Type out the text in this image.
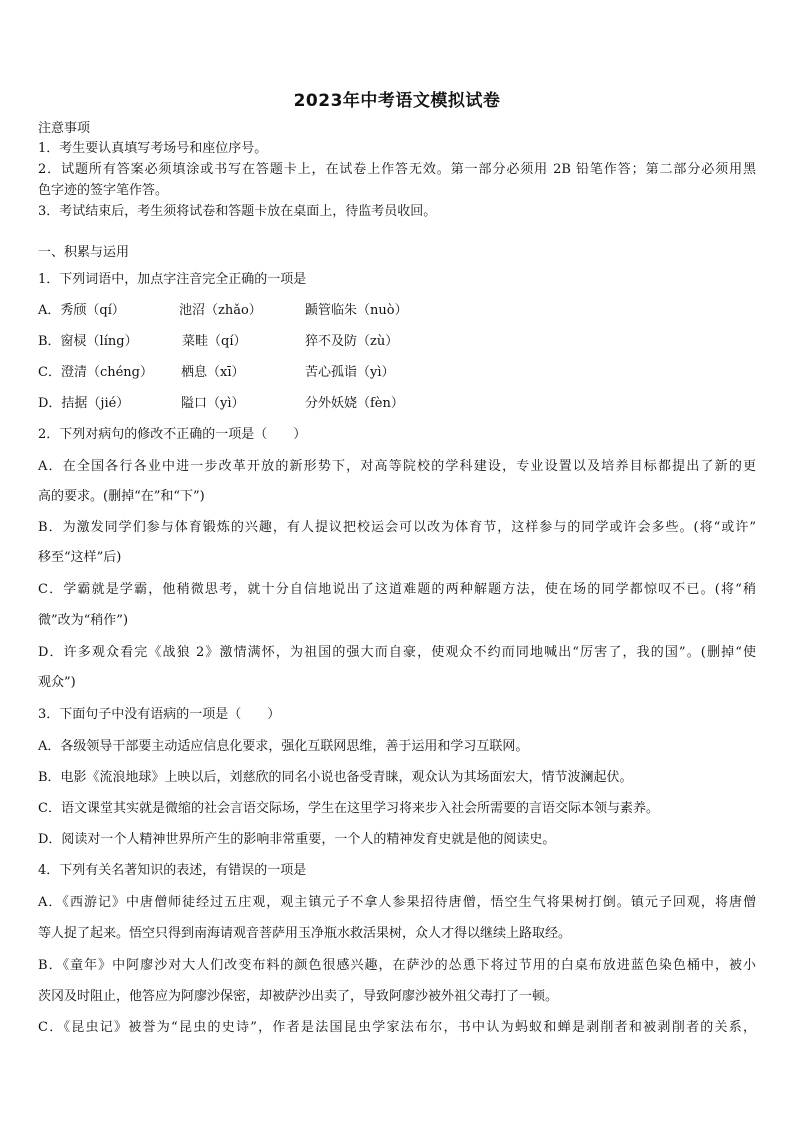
2023年中考语文模拟试卷
注意事项
1．考生要认真填写考场号和座位序号。
2．试题所有答案必须填涂或书写在答题卡上，在试卷上作答无效。第一部分必须用 2B 铅笔作答；第二部分必须用黑
色字迹的签字笔作答。
3．考试结束后，考生须将试卷和答题卡放在桌面上，待监考员收回。
一、积累与运用
1．下列词语中，加点字注音完全正确的一项是
A．秀颀（qí）	池沼（zhǎo）	踬管临朱（nuò）
B．窗棂（líng）	菜畦（qí）	猝不及防（zù）
C．澄清（chéng） 栖息（xī）	苦心孤诣（yì）
D．拮据（jié）	隘口（yì）	分外妖娆（fèn）
2．下列对病句的修改不正确的一项是（　　）
A．在全国各行各业中进一步改革开放的新形势下，对高等院校的学科建设，专业设置以及培养目标都提出了新的更
高的要求。(删掉“在”和“下”)
B．为激发同学们参与体育锻炼的兴趣，有人提议把校运会可以改为体育节，这样参与的同学或许会多些。(将“或许”
移至“这样”后)
C．学霸就是学霸，他稍微思考，就十分自信地说出了这道难题的两种解题方法，使在场的同学都惊叹不已。(将“稍
微”改为“稍作”)
D．许多观众看完《战狼 2》激情满怀，为祖国的强大而自豪，使观众不约而同地喊出“厉害了，我的国”。(删掉“使
观众”)
3．下面句子中没有语病的一项是（　　）
A．各级领导干部要主动适应信息化要求，强化互联网思维，善于运用和学习互联网。
B．电影《流浪地球》上映以后，刘慈欣的同名小说也备受青睐，观众认为其场面宏大，情节波澜起伏。
C．语文课堂其实就是微缩的社会言语交际场，学生在这里学习将来步入社会所需要的言语交际本领与素养。
D．阅读对一个人精神世界所产生的影响非常重要，一个人的精神发育史就是他的阅读史。
4．下列有关名著知识的表述，有错误的一项是
A．《西游记》中唐僧师徒经过五庄观，观主镇元子不拿人参果招待唐僧，悟空生气将果树打倒。镇元子回观，将唐僧
等人捉了起来。悟空只得到南海请观音菩萨用玉净瓶水救活果树，众人才得以继续上路取经。
B．《童年》中阿廖沙对大人们改变布料的颜色很感兴趣，在萨沙的怂恿下将过节用的白桌布放进蓝色染色桶中，被小
茨冈及时阻止，他答应为阿廖沙保密，却被萨沙出卖了，导致阿廖沙被外祖父毒打了一顿。
C．《昆虫记》被誉为“昆虫的史诗”，作者是法国昆虫学家法布尔，书中认为蚂蚁和蝉是剥削者和被剥削者的关系，
